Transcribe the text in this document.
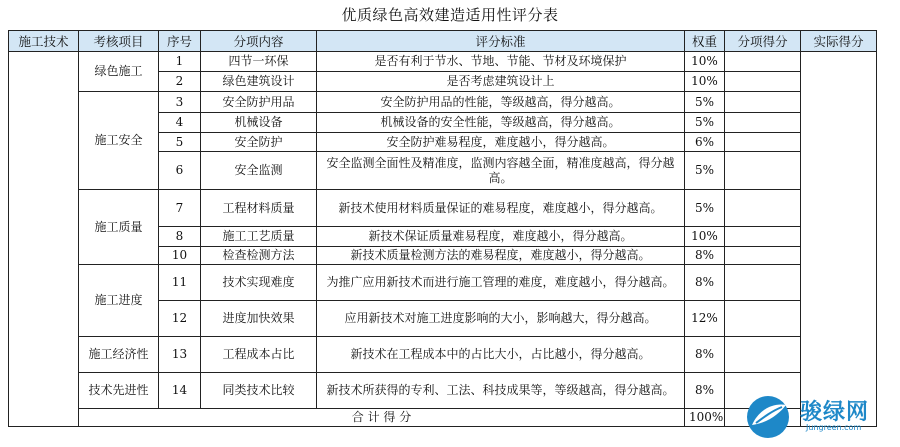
优质绿色高效建造适用性评分表
施工技术	考核项目	序号	分项内容	评分标准	权重	分项得分	实际得分
	绿色施工	1	四节一环保	是否有利于节水、节地、节能、节材及环境保护	10%		
		2	绿色建筑设计	是否考虑建筑设计上	10%		
	施工安全	3	安全防护用品	安全防护用品的性能，等级越高，得分越高。	5%		
		4	机械设备	机械设备的安全性能，等级越高，得分越高。	5%		
		5	安全防护	安全防护难易程度，难度越小，得分越高。	6%		
		6	安全监测	安全监测全面性及精准度，监测内容越全面，精准度越高，得分越高。	5%		
	施工质量	7	工程材料质量	新技术使用材料质量保证的难易程度，难度越小，得分越高。	5%		
		8	施工工艺质量	新技术保证质量难易程度，难度越小，得分越高。	10%		
		10	检查检测方法	新技术质量检测方法的难易程度，难度越小，得分越高。	8%		
	施工进度	11	技术实现难度	为推广应用新技术而进行施工管理的难度，难度越小，得分越高。	8%		
		12	进度加快效果	应用新技术对施工进度影响的大小，影响越大，得分越高。	12%		
	施工经济性	13	工程成本占比	新技术在工程成本中的占比大小，占比越小，得分越高。	8%		
	技术先进性	14	同类技术比较	新技术所获得的专利、工法、科技成果等，等级越高，得分越高。	8%		
	合 计 得 分				100%			骏绿网
Jungreen.com
